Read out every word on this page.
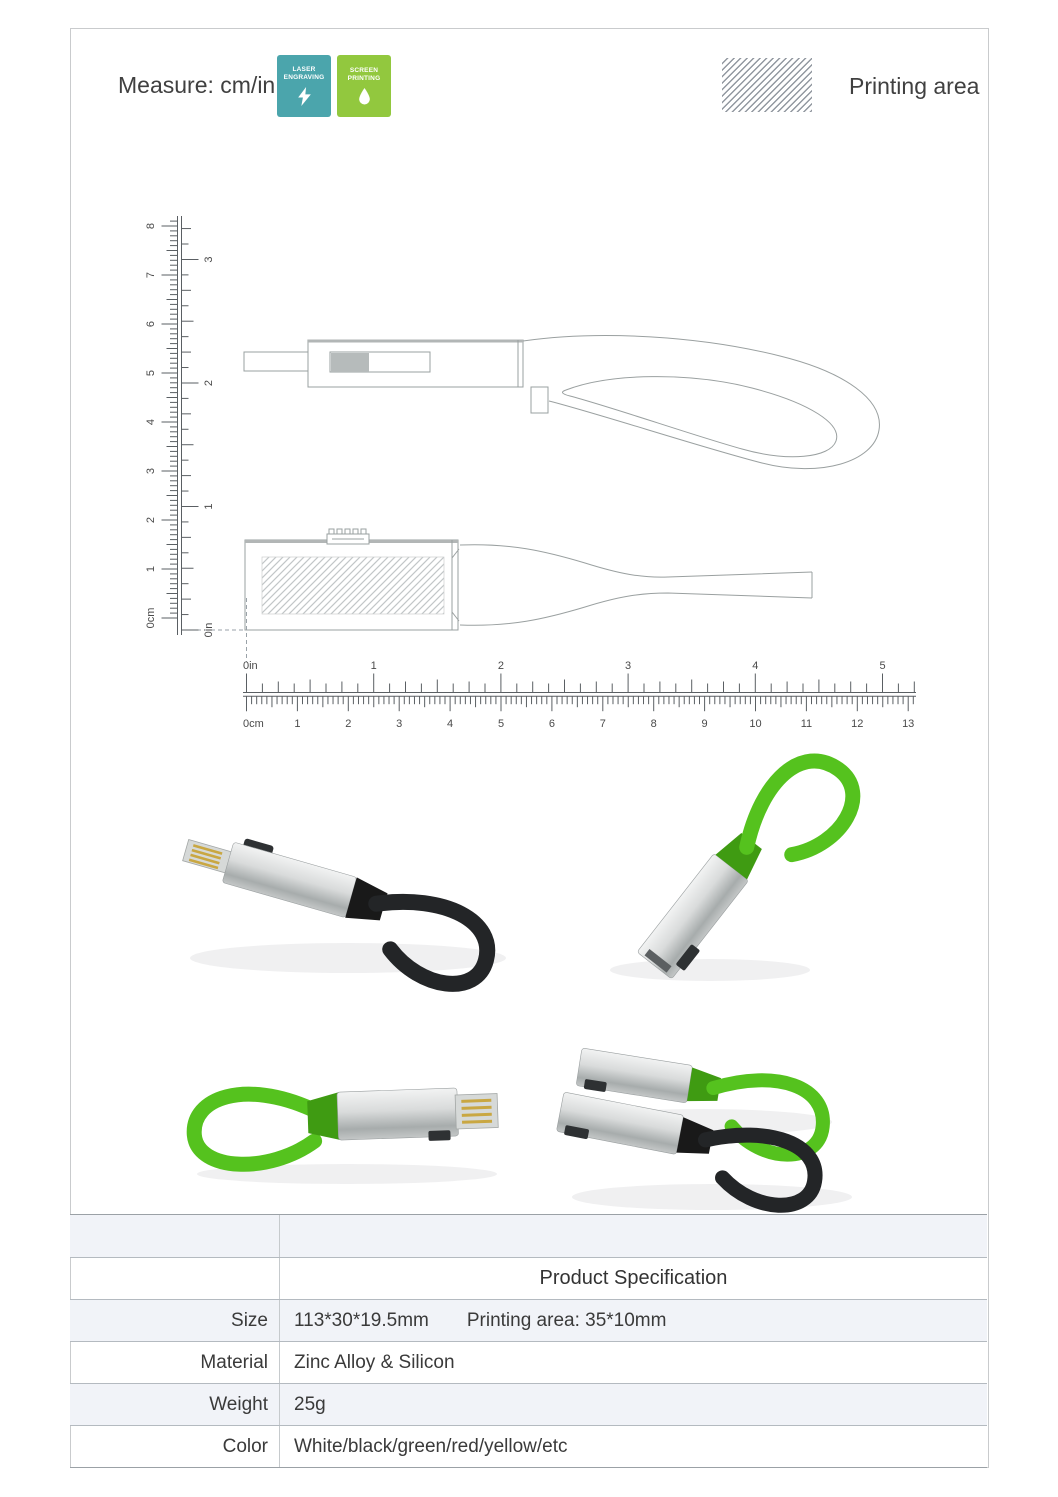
Measure: cm/in
LASER
ENGRAVING
SCREEN
PRINTING	Printing area
0cm
1
2
3
4
5
6
7
8
0in
1
2
3
0in	1	2	3	4	5
0cm	1	2	3	4	5	6	7	8	9	10	11	12	13
Product Specification
Size	113*30*19.5mm Printing area: 35*10mm
Material	Zinc Alloy & Silicon
Weight	25g
Color	White/black/green/red/yellow/etc
